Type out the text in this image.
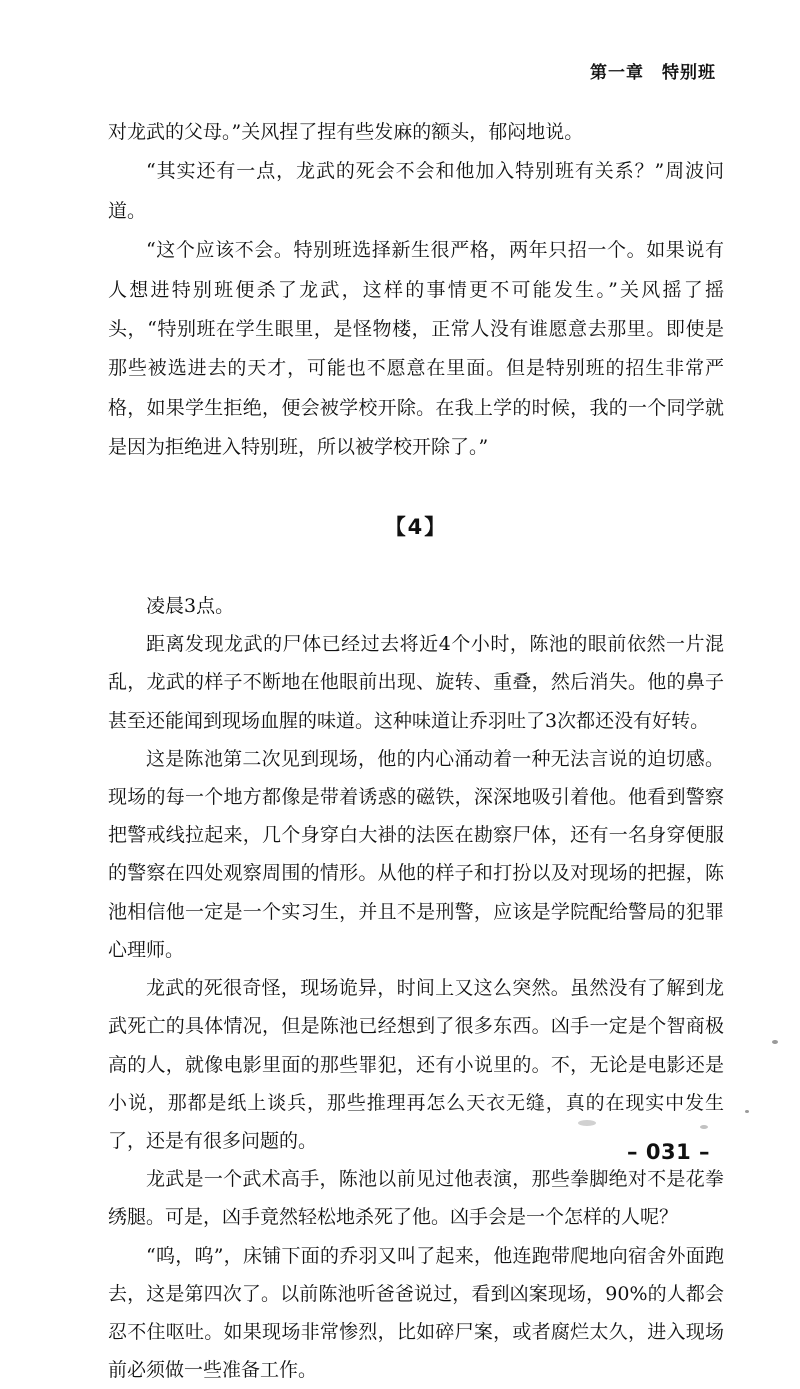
第一章　特别班

对龙武的父母。”关风捏了捏有些发麻的额头，郁闷地说。

“其实还有一点，龙武的死会不会和他加入特别班有关系？”周波问道。

“这个应该不会。特别班选择新生很严格，两年只招一个。如果说有人想进特别班便杀了龙武，这样的事情更不可能发生。”关风摇了摇头，“特别班在学生眼里，是怪物楼，正常人没有谁愿意去那里。即使是那些被选进去的天才，可能也不愿意在里面。但是特别班的招生非常严格，如果学生拒绝，便会被学校开除。在我上学的时候，我的一个同学就是因为拒绝进入特别班，所以被学校开除了。”

【4】

凌晨3点。

距离发现龙武的尸体已经过去将近4个小时，陈池的眼前依然一片混乱，龙武的样子不断地在他眼前出现、旋转、重叠，然后消失。他的鼻子甚至还能闻到现场血腥的味道。这种味道让乔羽吐了3次都还没有好转。

这是陈池第二次见到现场，他的内心涌动着一种无法言说的迫切感。现场的每一个地方都像是带着诱惑的磁铁，深深地吸引着他。他看到警察把警戒线拉起来，几个身穿白大褂的法医在勘察尸体，还有一名身穿便服的警察在四处观察周围的情形。从他的样子和打扮以及对现场的把握，陈池相信他一定是一个实习生，并且不是刑警，应该是学院配给警局的犯罪心理师。

龙武的死很奇怪，现场诡异，时间上又这么突然。虽然没有了解到龙武死亡的具体情况，但是陈池已经想到了很多东西。凶手一定是个智商极高的人，就像电影里面的那些罪犯，还有小说里的。不，无论是电影还是小说，那都是纸上谈兵，那些推理再怎么天衣无缝，真的在现实中发生了，还是有很多问题的。

龙武是一个武术高手，陈池以前见过他表演，那些拳脚绝对不是花拳绣腿。可是，凶手竟然轻松地杀死了他。凶手会是一个怎样的人呢？

“呜，呜”，床铺下面的乔羽又叫了起来，他连跑带爬地向宿舍外面跑去，这是第四次了。以前陈池听爸爸说过，看到凶案现场，90%的人都会忍不住呕吐。如果现场非常惨烈，比如碎尸案，或者腐烂太久，进入现场前必须做一些准备工作。

– 031 –
